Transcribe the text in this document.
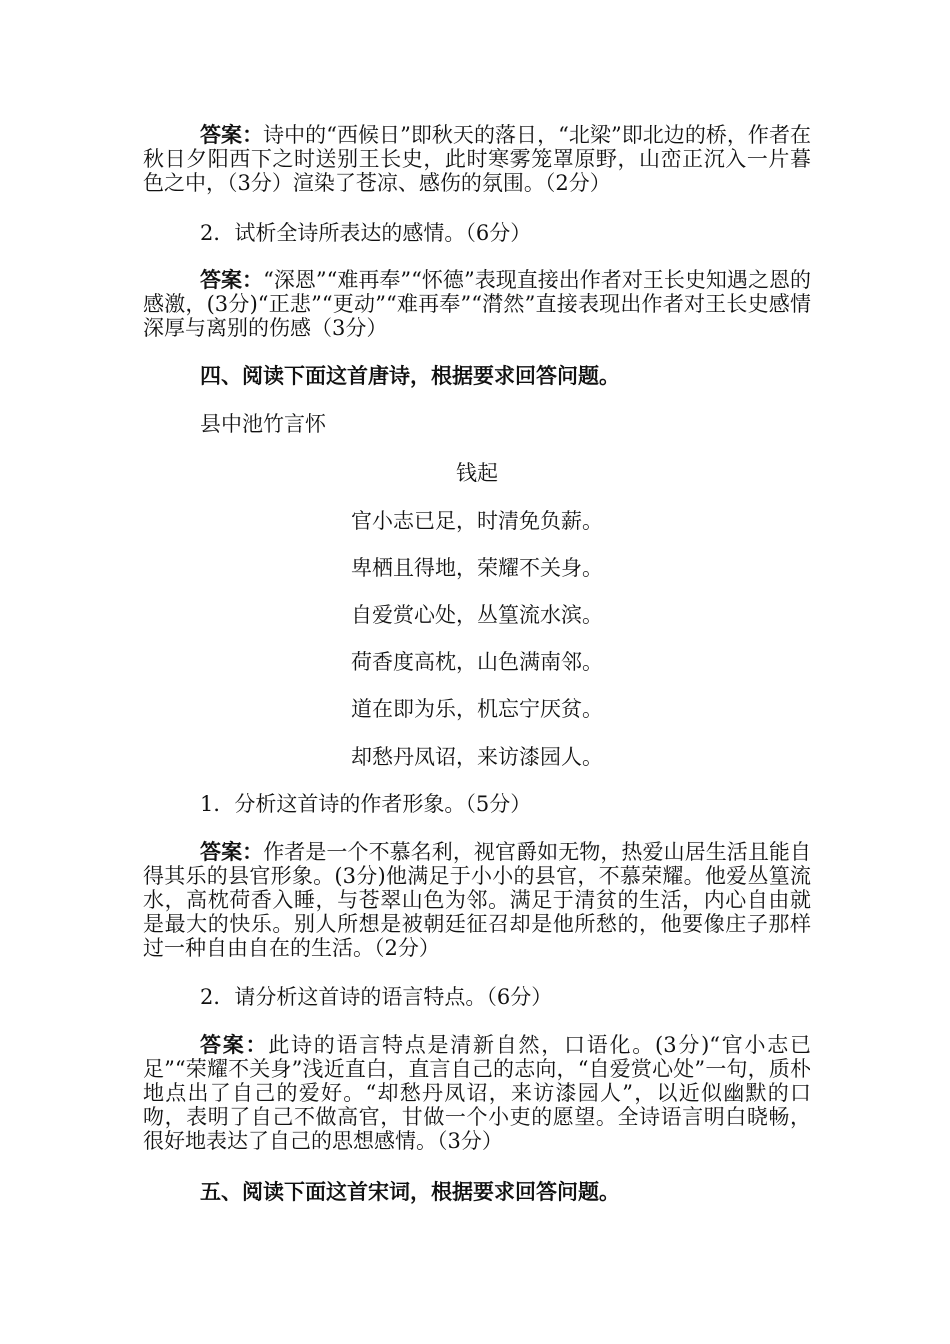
答案：诗中的“西候日”即秋天的落日，“北梁”即北边的桥，作者在秋日夕阳西下之时送别王长史，此时寒雾笼罩原野，山峦正沉入一片暮色之中，（3分）渲染了苍凉、感伤的氛围。（2分）
2．试析全诗所表达的感情。（6分）
答案：“深恩”“难再奉”“怀德”表现直接出作者对王长史知遇之恩的感激，(3分)“正悲”“更动”“难再奉”“潸然”直接表现出作者对王长史感情深厚与离别的伤感（3分）
四、阅读下面这首唐诗，根据要求回答问题。
县中池竹言怀
钱起
官小志已足，时清免负薪。
卑栖且得地，荣耀不关身。
自爱赏心处，丛篁流水滨。
荷香度高枕，山色满南邻。
道在即为乐，机忘宁厌贫。
却愁丹凤诏，来访漆园人。
1．分析这首诗的作者形象。（5分）
答案：作者是一个不慕名利，视官爵如无物，热爱山居生活且能自得其乐的县官形象。(3分)他满足于小小的县官，不慕荣耀。他爱丛篁流水，高枕荷香入睡，与苍翠山色为邻。满足于清贫的生活，内心自由就是最大的快乐。别人所想是被朝廷征召却是他所愁的，他要像庄子那样过一种自由自在的生活。（2分）
2．请分析这首诗的语言特点。（6分）
答案：此诗的语言特点是清新自然，口语化。(3分)“官小志已足”“荣耀不关身”浅近直白，直言自己的志向，“自爱赏心处”一句，质朴地点出了自己的爱好。“却愁丹凤诏，来访漆园人”，以近似幽默的口吻，表明了自己不做高官，甘做一个小吏的愿望。全诗语言明白晓畅，很好地表达了自己的思想感情。（3分）
五、阅读下面这首宋词，根据要求回答问题。
